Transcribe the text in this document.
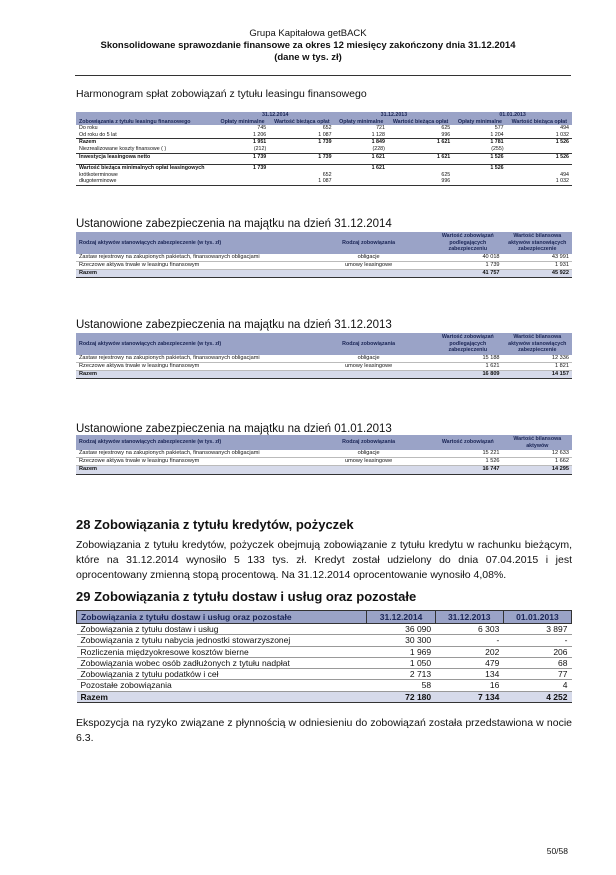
Grupa Kapitałowa getBACK
Skonsolidowane sprawozdanie finansowe za okres 12 miesięcy zakończony dnia 31.12.2014
(dane w tys. zł)
Harmonogram spłat zobowiązań z tytułu leasingu finansowego
	31.12.2014		31.12.2013		01.01.2013	
Zobowiązania z tytułu leasingu finansowego	Opłaty minimalne	Wartość bieżąca opłat	Opłaty minimalne	Wartość bieżąca opłat	Opłaty minimalne	Wartość bieżąca opłat
Do roku	745	652	721	625	577	494
Od roku do 5 lat	1 206	1 087	1 128	996	1 204	1 032
Razem	1 951	1 739	1 849	1 621	1 781	1 526
Niezrealizowane koszty finansowe ( )	(212)		(228)		(255)	
Inwestycja leasingowa netto	1 739	1 739	1 621	1 621	1 526	1 526

Wartość bieżąca minimalnych opłat leasingowych	1 739		1 621		1 526	
krótkoterminowe		652		625		494
długoterminowe		1 087		996		1 032
Ustanowione zabezpieczenia na majątku na dzień 31.12.2014
Rodzaj aktywów stanowiących zabezpieczenie (w tys. zł)	Rodzaj zobowiązania	Wartość zobowiązań podlegających zabezpieczeniu	Wartość bilansowa aktywów stanowiących zabezpieczenie
Zastaw rejestrowy na zakupionych pakietach, finansowanych obligacjami	obligacje	40 018	43 991
Rzeczowe aktywa trwałe w leasingu finansowym	umowy leasingowe	1 739	1 931
Razem		41 757	45 922
Ustanowione zabezpieczenia na majątku na dzień 31.12.2013
Rodzaj aktywów stanowiących zabezpieczenie (w tys. zł)	Rodzaj zobowiązania	Wartość zobowiązań podlegających zabezpieczeniu	Wartość bilansowa aktywów stanowiących zabezpieczenie
Zastaw rejestrowy na zakupionych pakietach, finansowanych obligacjami	obligacje	15 188	12 336
Rzeczowe aktywa trwałe w leasingu finansowym	umowy leasingowe	1 621	1 821
Razem		16 809	14 157
Ustanowione zabezpieczenia na majątku na dzień 01.01.2013
Rodzaj aktywów stanowiących zabezpieczenie (w tys. zł)	Rodzaj zobowiązania	Wartość zobowiązań	Wartość bilansowa aktywów
Zastaw rejestrowy na zakupionych pakietach, finansowanych obligacjami	obligacje	15 221	12 633
Rzeczowe aktywa trwałe w leasingu finansowym	umowy leasingowe	1 526	1 662
Razem		16 747	14 295
28 Zobowiązania z tytułu kredytów, pożyczek
Zobowiązania z tytułu kredytów, pożyczek obejmują zobowiązanie z tytułu kredytu w rachunku bieżącym, które na 31.12.2014 wynosiło 5 133 tys. zł. Kredyt został udzielony do dnia 07.04.2015 i jest oprocentowany zmienną stopą procentową. Na 31.12.2014 oprocentowanie wynosiło 4,08%.
29 Zobowiązania z tytułu dostaw i usług oraz pozostałe
Zobowiązania z tytułu dostaw i usług oraz pozostałe	31.12.2014	31.12.2013	01.01.2013
Zobowiązania z tytułu dostaw i usług	36 090	6 303	3 897
Zobowiązania z tytułu nabycia jednostki stowarzyszonej	30 300	-	-
Rozliczenia międzyokresowe kosztów bierne	1 969	202	206
Zobowiązania wobec osób zadłużonych z tytułu nadpłat	1 050	479	68
Zobowiązania z tytułu podatków i ceł	2 713	134	77
Pozostałe zobowiązania	58	16	4
Razem	72 180	7 134	4 252
Ekspozycja na ryzyko związane z płynnością w odniesieniu do zobowiązań została przedstawiona w nocie 6.3.
50/58
